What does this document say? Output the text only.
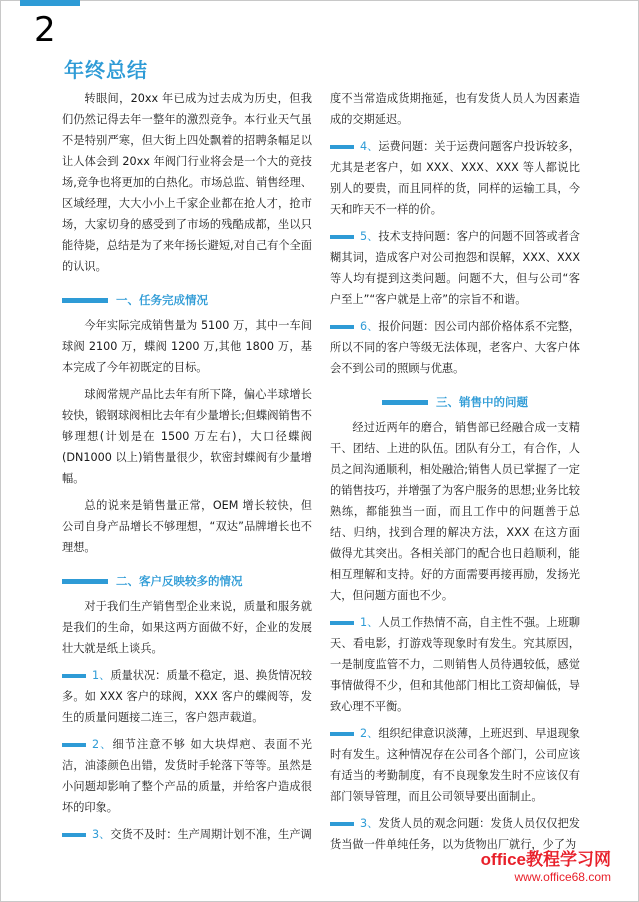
2
年终总结

转眼间，20xx 年已成为过去成为历史，但我们仍然记得去年一整年的激烈竞争。本行业天气虽不是特别严寒，但大街上四处飘着的招聘条幅足以让人体会到 20xx 年阀门行业将会是一个大的竞技场,竞争也将更加的白热化。市场总监、销售经理、区域经理，大大小小上千家企业都在抢人才，抢市场，大家切身的感受到了市场的残酷成都，坐以只能待毙，总结是为了来年扬长避短,对自己有个全面的认识。

一、任务完成情况

今年实际完成销售量为 5100 万，其中一车间球阀 2100 万，蝶阀 1200 万,其他 1800 万，基本完成了今年初既定的目标。

球阀常规产品比去年有所下降，偏心半球增长较快，锻钢球阀相比去年有少量增长;但蝶阀销售不够理想(计划是在 1500 万左右)，大口径蝶阀(DN1000 以上)销售量很少，软密封蝶阀有少量增幅。

总的说来是销售量正常，OEM 增长较快，但公司自身产品增长不够理想，“双达”品牌增长也不理想。

二、客户反映较多的情况

对于我们生产销售型企业来说，质量和服务就是我们的生命，如果这两方面做不好，企业的发展壮大就是纸上谈兵。

1、质量状况：质量不稳定，退、换货情况较多。如 XXX 客户的球阀，XXX 客户的蝶阀等，发生的质量问题接二连三，客户怨声载道。

2、细节注意不够 如大块焊疤、表面不光洁，油漆颜色出错，发货时手轮落下等等。虽然是小问题却影响了整个产品的质量，并给客户造成很坏的印象。

3、交货不及时：生产周期计划不准，生产调

度不当常造成货期拖延，也有发货人员人为因素造成的交期延迟。

4、运费问题：关于运费问题客户投诉较多，尤其是老客户，如 XXX、XXX、XXX 等人都说比别人的要贵，而且同样的货，同样的运输工具，今天和昨天不一样的价。

5、技术支持问题：客户的问题不回答或者含糊其词，造成客户对公司抱怨和误解，XXX、XXX 等人均有提到这类问题。问题不大，但与公司“客户至上”“客户就是上帝”的宗旨不和谐。

6、报价问题：因公司内部价格体系不完整，所以不同的客户等级无法体现，老客户、大客户体会不到公司的照顾与优惠。

三、销售中的问题

经过近两年的磨合，销售部已经融合成一支精干、团结、上进的队伍。团队有分工，有合作，人员之间沟通顺利，相处融洽;销售人员已掌握了一定的销售技巧，并增强了为客户服务的思想;业务比较熟练，都能独当一面，而且工作中的问题善于总结、归纳，找到合理的解决方法，XXX 在这方面做得尤其突出。各相关部门的配合也日趋顺利，能相互理解和支持。好的方面需要再接再励，发扬光大，但问题方面也不少。

1、人员工作热情不高，自主性不强。上班聊天、看电影，打游戏等现象时有发生。究其原因，一是制度监管不力，二则销售人员待遇较低，感觉事情做得不少，但和其他部门相比工资却偏低，导致心理不平衡。

2、组织纪律意识淡薄，上班迟到、早退现象时有发生。这种情况存在公司各个部门，公司应该有适当的考勤制度，有不良现象发生时不应该仅有部门领导管理，而且公司领导要出面制止。

3、发货人员的观念问题：发货人员仅仅把发货当做一件单纯任务，以为货物出厂就行，少了为

office教程学习网
www.office68.com
